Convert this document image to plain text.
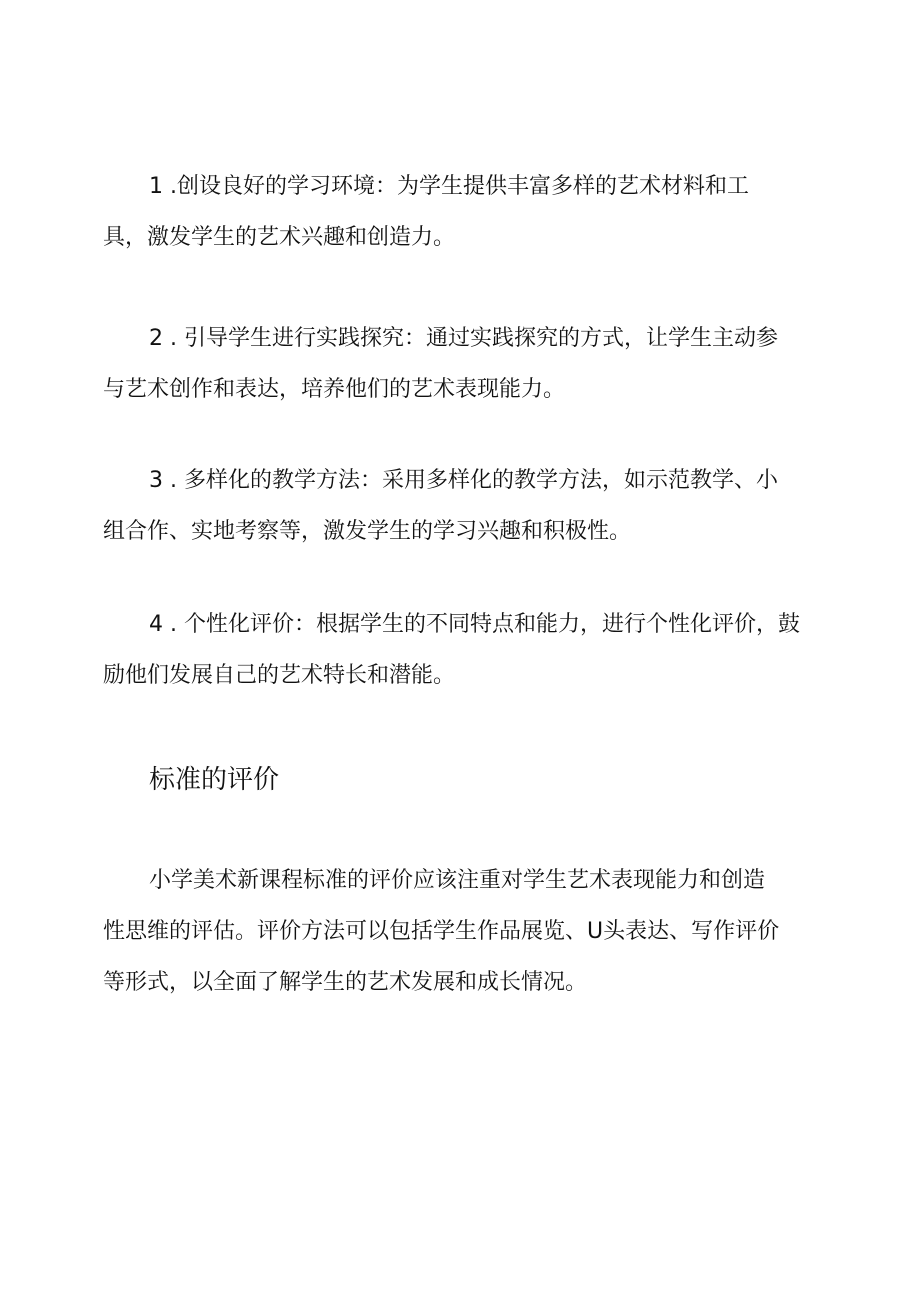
1 .创设良好的学习环境：为学生提供丰富多样的艺术材料和工
具，激发学生的艺术兴趣和创造力。

2 . 引导学生进行实践探究：通过实践探究的方式，让学生主动参
与艺术创作和表达，培养他们的艺术表现能力。

3 . 多样化的教学方法：采用多样化的教学方法，如示范教学、小
组合作、实地考察等，激发学生的学习兴趣和积极性。

4 . 个性化评价：根据学生的不同特点和能力，进行个性化评价，鼓
励他们发展自己的艺术特长和潜能。

标准的评价

小学美术新课程标准的评价应该注重对学生艺术表现能力和创造
性思维的评估。评价方法可以包括学生作品展览、U头表达、写作评价
等形式，以全面了解学生的艺术发展和成长情况。
